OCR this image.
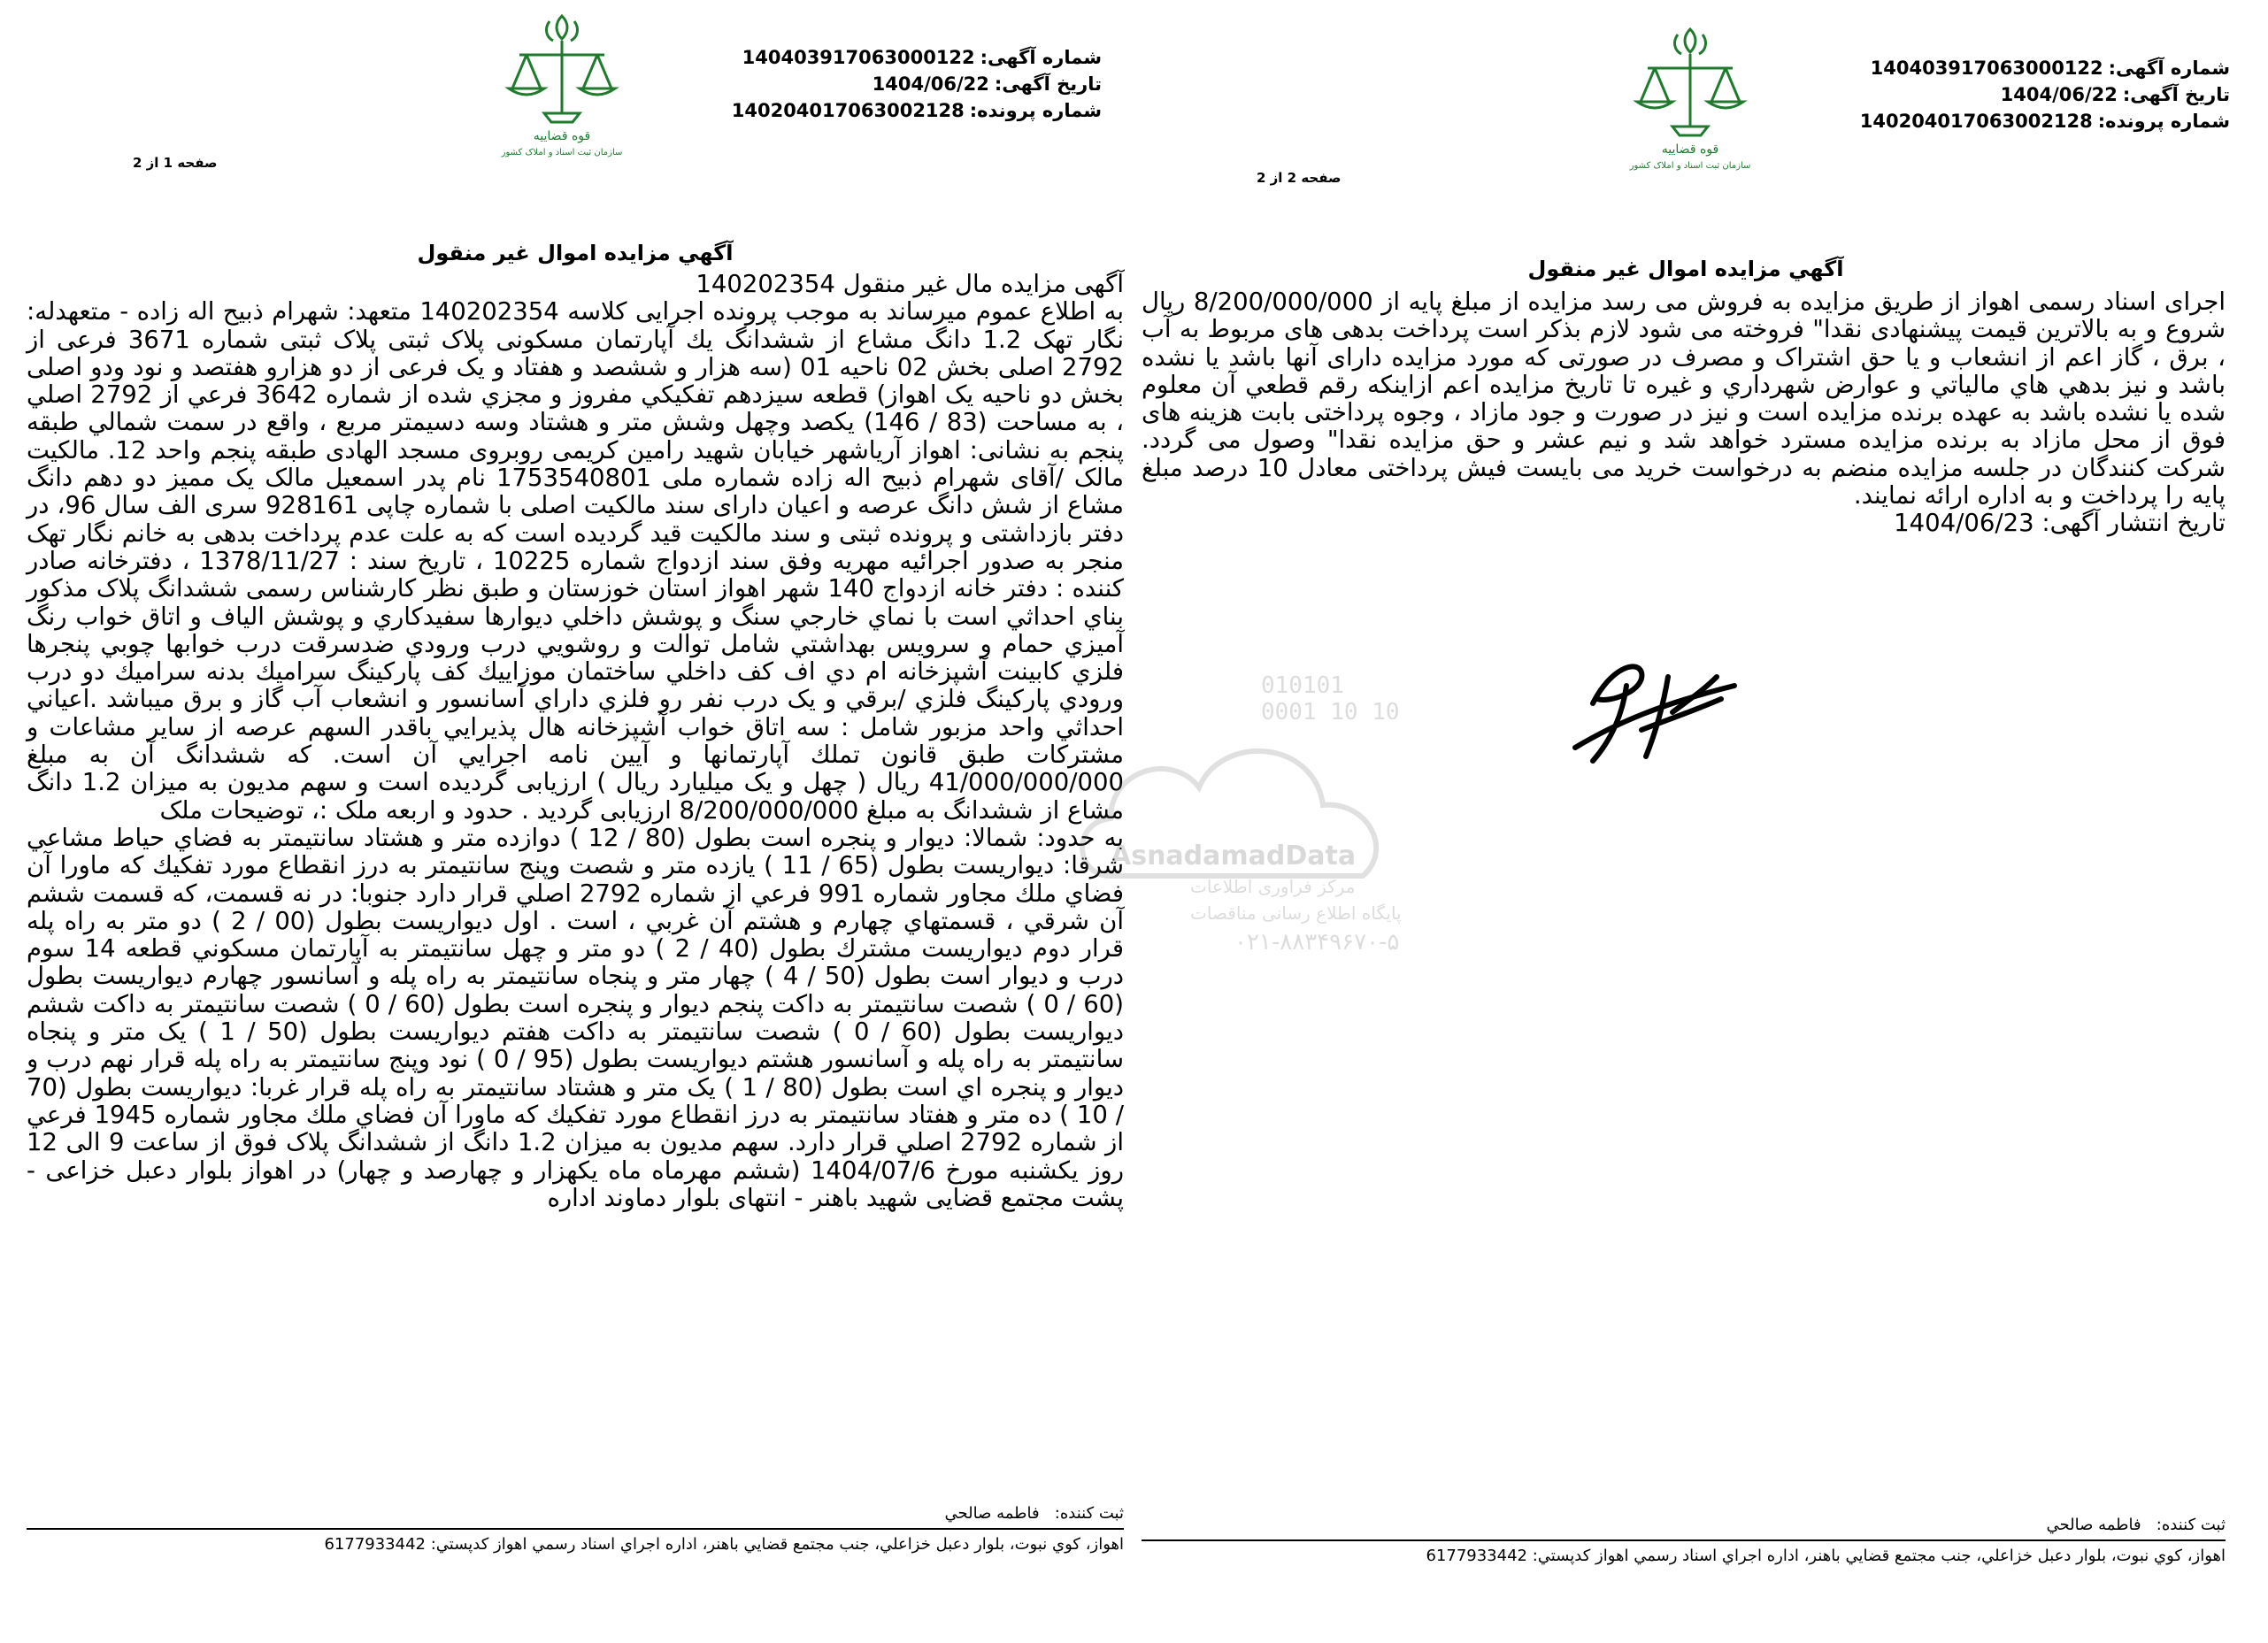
شماره آگهی:140403917063000122
تاریخ آگهی:1404/06/22
شماره پرونده:140204017063002128
قوه قضاییه
سازمان ثبت اسناد و املاک کشور
صفحه 2 از 2
آگهي مزايده اموال غير منقول

اجرای اسناد رسمی اهواز از طریق مزایده به فروش می رسد مزایده از مبلغ پایه از 8/200/000/000 ریال شروع و به بالاترین قیمت پیشنهادی نقدا" فروخته می شود لازم بذکر است پرداخت بدهی های مربوط به آب ، برق ، گاز اعم از انشعاب و یا حق اشتراک و مصرف در صورتی که مورد مزایده دارای آنها باشد یا نشده باشد و نیز بدهي هاي مالياتي و عوارض شهرداري و غيره تا تاريخ مزايده اعم ازاينكه رقم قطعي آن معلوم شده یا نشده باشد به عهده برنده مزایده است و نیز در صورت و جود مازاد ، وجوه پرداختی بابت هزينه های فوق از محل مازاد به برنده مزایده مسترد خواهد شد و نیم عشر و حق مزايده نقدا" وصول می گردد. شرکت کنندگان در جلسه مزایده منضم به درخواست خرید می بایست فیش پرداختی معادل 10 درصد مبلغ پایه را پرداخت و به اداره ارائه نمایند.

تاریخ انتشار آگهی: 1404/06/23

ثبت کننده:   فاطمه صالحي
اهواز، کوي نبوت، بلوار دعبل خزاعلي، جنب مجتمع قضايي باهنر، اداره اجراي اسناد رسمي اهواز کدپستي: 6177933442
شماره آگهی:140403917063000122
تاریخ آگهی:1404/06/22
شماره پرونده:140204017063002128
قوه قضاییه
سازمان ثبت اسناد و املاک کشور
صفحه 1 از 2
آگهي مزايده اموال غير منقول

آگهی مزایده مال غیر منقول 140202354

به اطلاع عموم میرساند به موجب پرونده اجرایی کلاسه 140202354 متعهد: شهرام ذبیح اله زاده - متعهدله: نگار تهک 1.2 دانگ مشاع از ششدانگ يك آپارتمان مسکونی پلاک ثبتی پلاک ثبتی شماره 3671 فرعی از 2792 اصلی بخش 02 ناحیه 01 (سه هزار و ششصد و هفتاد و یک فرعی از دو هزارو هفتصد و نود ودو اصلی بخش دو ناحیه یک اهواز) قطعه سيزدهم تفكيكي مفروز و مجزي شده از شماره 3642 فرعي از 2792 اصلي ، به مساحت (83 / 146) يكصد وچهل وشش متر و هشتاد وسه دسيمتر مربع ، واقع در سمت شمالي طبقه پنجم به نشانی: اهواز آریاشهر خیابان شهید رامین کریمی روبروی مسجد الهادی طبقه پنجم واحد 12. مالکیت مالک /آقای شهرام ذبیح اله زاده شماره ملی 1753540801 نام پدر اسمعیل مالک یک ممیز دو دهم دانگ مشاع از شش دانگ عرصه و اعیان دارای سند مالکیت اصلی با شماره چاپی 928161 سری الف سال 96، در دفتر بازداشتی و پرونده ثبتی و سند مالکیت قید گردیده است که به علت عدم پرداخت بدهی به خانم نگار تهک منجر به صدور اجرائیه مهریه وفق سند ازدواج شماره 10225 ، تاریخ سند : 1378/11/27 ، دفترخانه صادر کننده : دفتر خانه ازدواج 140 شهر اهواز استان خوزستان و طبق نظر کارشناس رسمی ششدانگ پلاک مذکور بناي احداثي است با نماي خارجي سنگ و پوشش داخلي ديوارها سفيدكاري و پوشش الياف و اتاق خواب رنگ آميزي حمام و سرويس بهداشتي شامل توالت و روشويي درب ورودي ضدسرقت درب خوابها چوبي پنجرها فلزي كابينت آشپزخانه ام دي اف كف داخلي ساختمان موزاييك كف پاركينگ سراميك بدنه سراميك دو درب ورودي پاركينگ فلزي /برقي و يک درب نفر رو فلزي داراي آسانسور و انشعاب آب گاز و برق ميباشد .اعياني احداثي واحد مزبور شامل : سه اتاق خواب آشپزخانه هال پذيرايي باقدر السهم عرصه از ساير مشاعات و مشتركات طبق قانون تملك آپارتمانها و آيين نامه اجرايي آن است. كه ششدانگ آن به مبلغ 41/000/000/000 ریال ( چهل و یک میلیارد ریال ) ارزیابی گردیده است و سهم مدیون به میزان 1.2 دانگ مشاع از ششدانگ به مبلغ 8/200/000/000 ارزیابی گردید . حدود و اربعه ملک :، توضیحات ملک

به حدود: شمالا: ديوار و پنجره است بطول (80 / 12 ) دوازده متر و هشتاد سانتيمتر به فضاي حياط مشاعي شرقا: ديواريست بطول (65 / 11 ) يازده متر و شصت وپنج سانتيمتر به درز انقطاع مورد تفكيك كه ماورا آن فضاي ملك مجاور شماره 991 فرعي از شماره 2792 اصلي قرار دارد جنوبا: در نه قسمت، كه قسمت ششم آن شرقي ، قسمتهاي چهارم و هشتم آن غربي ، است . اول ديواريست بطول (00 / 2 ) دو متر به راه پله قرار دوم ديواريست مشترك بطول (40 / 2 ) دو متر و چهل سانتيمتر به آپارتمان مسكوني قطعه 14 سوم درب و ديوار است بطول (50 / 4 ) چهار متر و پنجاه سانتيمتر به راه پله و آسانسور چهارم ديواريست بطول (60 / 0 ) شصت سانتيمتر به داكت پنجم ديوار و پنجره است بطول (60 / 0 ) شصت سانتيمتر به داكت ششم ديواريست بطول (60 / 0 ) شصت سانتيمتر به داكت هفتم ديواريست بطول (50 / 1 ) يک متر و پنجاه سانتيمتر به راه پله و آسانسور هشتم ديواريست بطول (95 / 0 ) نود وپنج سانتيمتر به راه پله قرار نهم درب و ديوار و پنجره اي است بطول (80 / 1 ) يک متر و هشتاد سانتيمتر به راه پله قرار غربا: ديواريست بطول (70 / 10 ) ده متر و هفتاد سانتيمتر به درز انقطاع مورد تفكيك كه ماورا آن فضاي ملك مجاور شماره 1945 فرعي از شماره 2792 اصلي قرار دارد. سهم مدیون به میزان 1.2 دانگ از ششدانگ پلاک فوق از ساعت 9 الی 12 روز یکشنبه مورخ 1404/07/6 (ششم مهرماه ماه یکهزار و چهارصد و چهار) در اهواز بلوار دعبل خزاعی - پشت مجتمع قضایی شهید باهنر - انتهای بلوار دماوند اداره

ثبت کننده:   فاطمه صالحي
اهواز، کوي نبوت، بلوار دعبل خزاعلي، جنب مجتمع قضايي باهنر، اداره اجراي اسناد رسمي اهواز کدپستي: 6177933442
010101 0001 10 10
AsnadamadData
مرکز فرآوری اطلاعات
پایگاه اطلاع رسانی مناقصات
۰۲۱-۸۸۳۴۹۶۷۰-۵
